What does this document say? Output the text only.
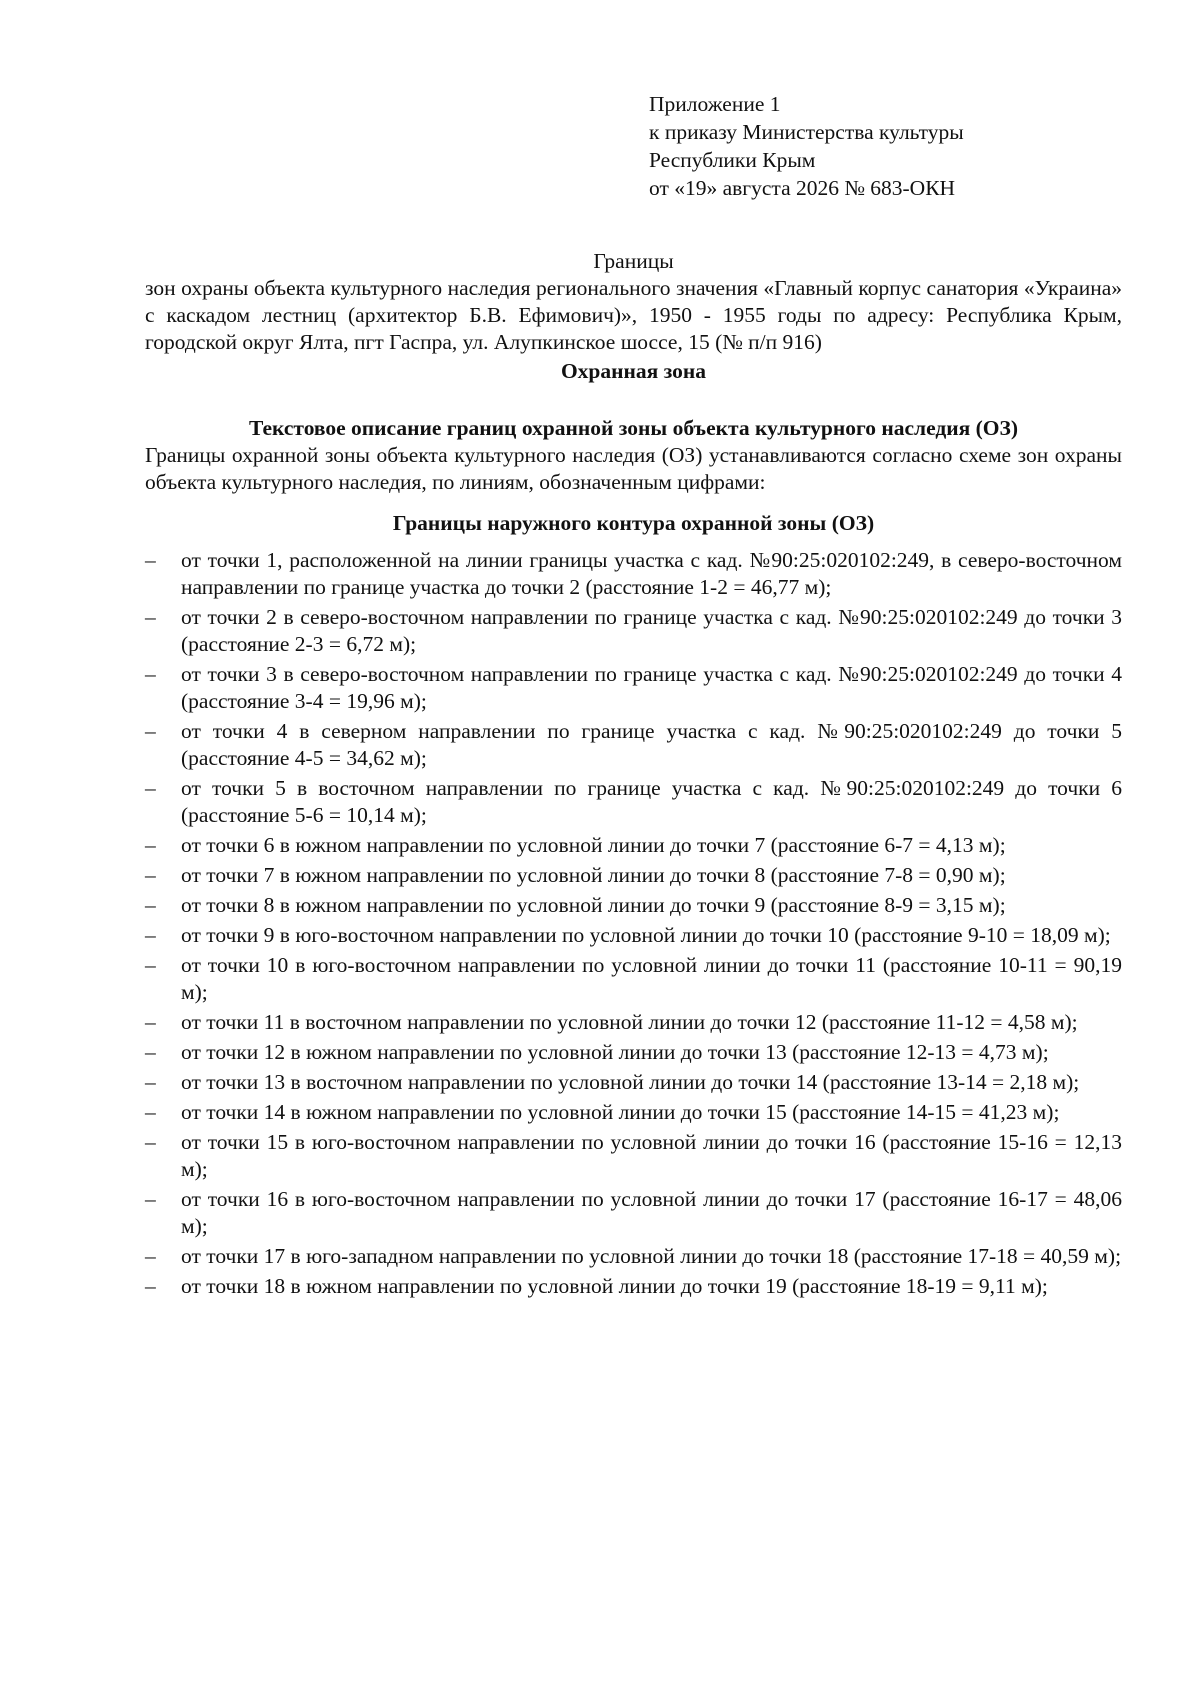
Приложение 1
к приказу Министерства культуры
Республики Крым
от «19» августа 2026 № 683-ОКН
Границы
зон охраны объекта культурного наследия регионального значения «Главный корпус санатория «Украина» с каскадом лестниц (архитектор Б.В. Ефимович)», 1950 - 1955 годы по адресу: Республика Крым, городской округ Ялта, пгт Гаспра, ул. Алупкинское шоссе, 15 (№ п/п 916)
Охранная зона
Текстовое описание границ охранной зоны объекта культурного наследия (ОЗ)
Границы охранной зоны объекта культурного наследия (ОЗ) устанавливаются согласно схеме зон охраны объекта культурного наследия, по линиям, обозначенным цифрами:
Границы наружного контура охранной зоны (ОЗ)
– от точки 1, расположенной на линии границы участка с кад. №90:25:020102:249, в северо-восточном направлении по границе участка до точки 2 (расстояние 1-2 = 46,77 м);
– от точки 2 в северо-восточном направлении по границе участка с кад. №90:25:020102:249 до точки 3 (расстояние 2-3 = 6,72 м);
– от точки 3 в северо-восточном направлении по границе участка с кад. №90:25:020102:249 до точки 4 (расстояние 3-4 = 19,96 м);
– от точки 4 в северном направлении по границе участка с кад. №90:25:020102:249 до точки 5 (расстояние 4-5 = 34,62 м);
– от точки 5 в восточном направлении по границе участка с кад. №90:25:020102:249 до точки 6 (расстояние 5-6 = 10,14 м);
– от точки 6 в южном направлении по условной линии до точки 7 (расстояние 6-7 = 4,13 м);
– от точки 7 в южном направлении по условной линии до точки 8 (расстояние 7-8 = 0,90 м);
– от точки 8 в южном направлении по условной линии до точки 9 (расстояние 8-9 = 3,15 м);
– от точки 9 в юго-восточном направлении по условной линии до точки 10 (расстояние 9-10 = 18,09 м);
– от точки 10 в юго-восточном направлении по условной линии до точки 11 (расстояние 10-11 = 90,19 м);
– от точки 11 в восточном направлении по условной линии до точки 12 (расстояние 11-12 = 4,58 м);
– от точки 12 в южном направлении по условной линии до точки 13 (расстояние 12-13 = 4,73 м);
– от точки 13 в восточном направлении по условной линии до точки 14 (расстояние 13-14 = 2,18 м);
– от точки 14 в южном направлении по условной линии до точки 15 (расстояние 14-15 = 41,23 м);
– от точки 15 в юго-восточном направлении по условной линии до точки 16 (расстояние 15-16 = 12,13 м);
– от точки 16 в юго-восточном направлении по условной линии до точки 17 (расстояние 16-17 = 48,06 м);
– от точки 17 в юго-западном направлении по условной линии до точки 18 (расстояние 17-18 = 40,59 м);
– от точки 18 в южном направлении по условной линии до точки 19 (расстояние 18-19 = 9,11 м);
